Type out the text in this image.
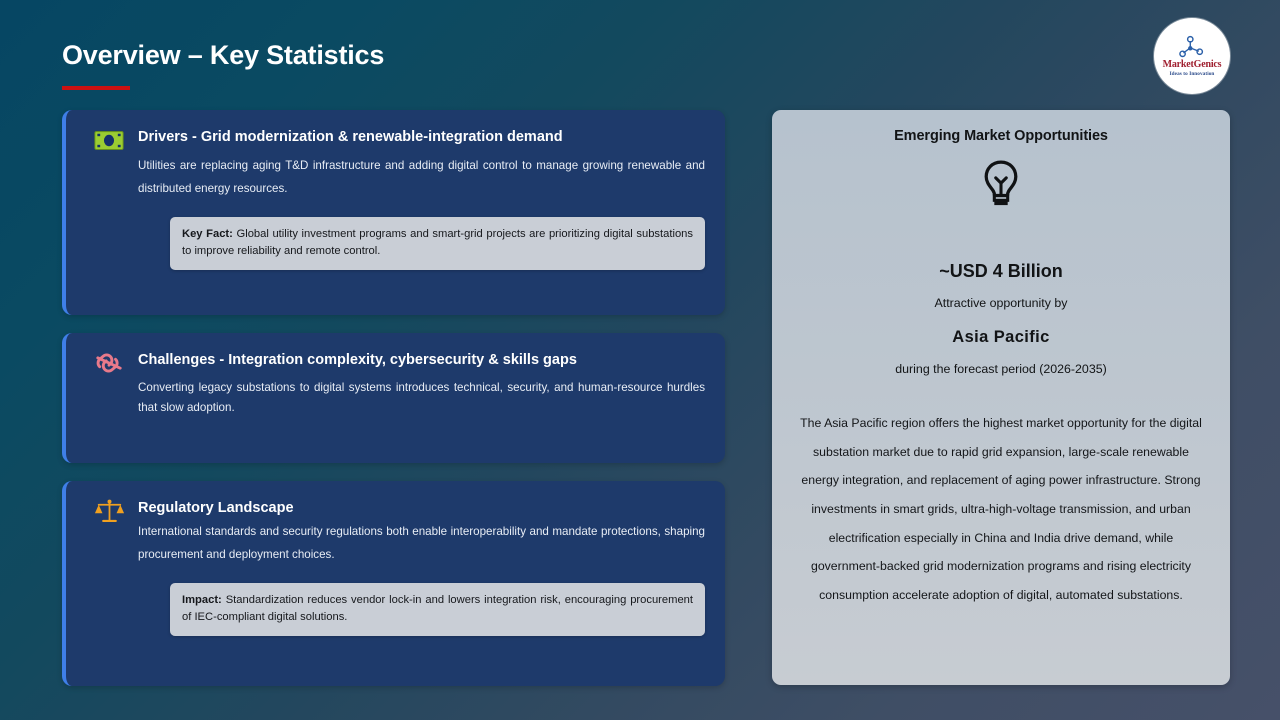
Overview – Key Statistics	MarketGenics
Ideas to Innovation
Drivers - Grid modernization & renewable-integration demand
Utilities are replacing aging T&D infrastructure and adding digital control to manage growing renewable and distributed energy resources.
Key Fact: Global utility investment programs and smart-grid projects are prioritizing digital substations to improve reliability and remote control.
Challenges - Integration complexity, cybersecurity & skills gaps
Converting legacy substations to digital systems introduces technical, security, and human-resource hurdles that slow adoption.
Regulatory Landscape
International standards and security regulations both enable interoperability and mandate protections, shaping procurement and deployment choices.
Impact: Standardization reduces vendor lock-in and lowers integration risk, encouraging procurement of IEC-compliant digital solutions.
Emerging Market Opportunities
~USD 4 Billion
Attractive opportunity by
Asia Pacific
during the forecast period (2026-2035)
The Asia Pacific region offers the highest market opportunity for the digital substation market due to rapid grid expansion, large-scale renewable energy integration, and replacement of aging power infrastructure. Strong investments in smart grids, ultra-high-voltage transmission, and urban electrification especially in China and India drive demand, while government-backed grid modernization programs and rising electricity consumption accelerate adoption of digital, automated substations.
